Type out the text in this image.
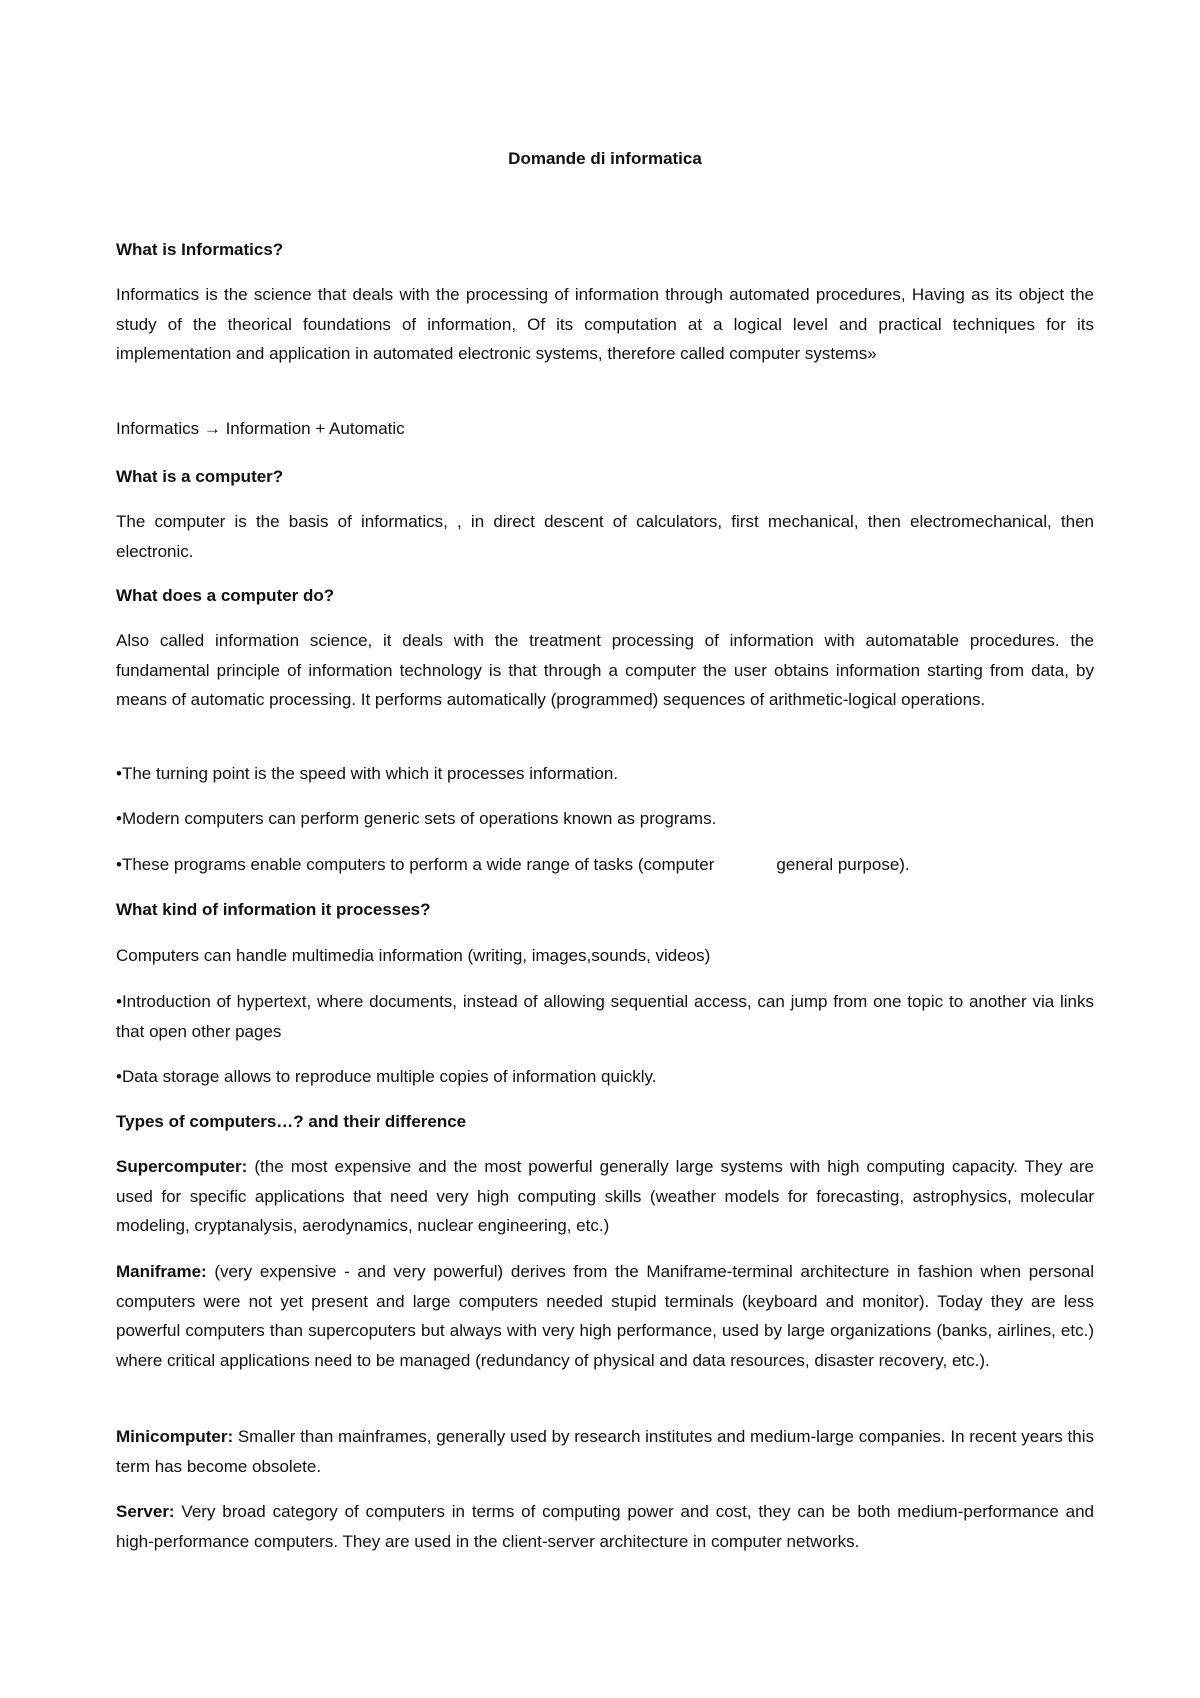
Domande di informatica

What is Informatics?

Informatics is the science that deals with the processing of information through automated procedures, Having as its object the study of the theorical foundations of information, Of its computation at a logical level and practical techniques for its implementation and application in automated electronic systems, therefore called computer systems»

Informatics → Information + Automatic

What is a computer?

The computer is the basis of informatics, , in direct descent of calculators, first mechanical, then electromechanical, then electronic.

What does a computer do?

Also called information science, it deals with the treatment processing of information with automatable procedures. the fundamental principle of information technology is that through a computer the user obtains information starting from data, by means of automatic processing. It performs automatically (programmed) sequences of arithmetic-logical operations.

•The turning point is the speed with which it processes information.

•Modern computers can perform generic sets of operations known as programs.

•These programs enable computers to perform a wide range of tasks (computer	general purpose).

What kind of information it processes?

Computers can handle multimedia information (writing, images,sounds, videos)

•Introduction of hypertext, where documents, instead of allowing sequential access, can jump from one topic to another via links that open other pages

•Data storage allows to reproduce multiple copies of information quickly.

Types of computers…? and their difference

Supercomputer: (the most expensive and the most powerful generally large systems with high computing capacity. They are used for specific applications that need very high computing skills (weather models for forecasting, astrophysics, molecular modeling, cryptanalysis, aerodynamics, nuclear engineering, etc.)

Maniframe: (very expensive - and very powerful) derives from the Maniframe-terminal architecture in fashion when personal computers were not yet present and large computers needed stupid terminals (keyboard and monitor). Today they are less powerful computers than supercoputers but always with very high performance, used by large organizations (banks, airlines, etc.) where critical applications need to be managed (redundancy of physical and data resources, disaster recovery, etc.).

Minicomputer: Smaller than mainframes, generally used by research institutes and medium-large companies. In recent years this term has become obsolete.

Server: Very broad category of computers in terms of computing power and cost, they can be both medium-performance and high-performance computers. They are used in the client-server architecture in computer networks.
